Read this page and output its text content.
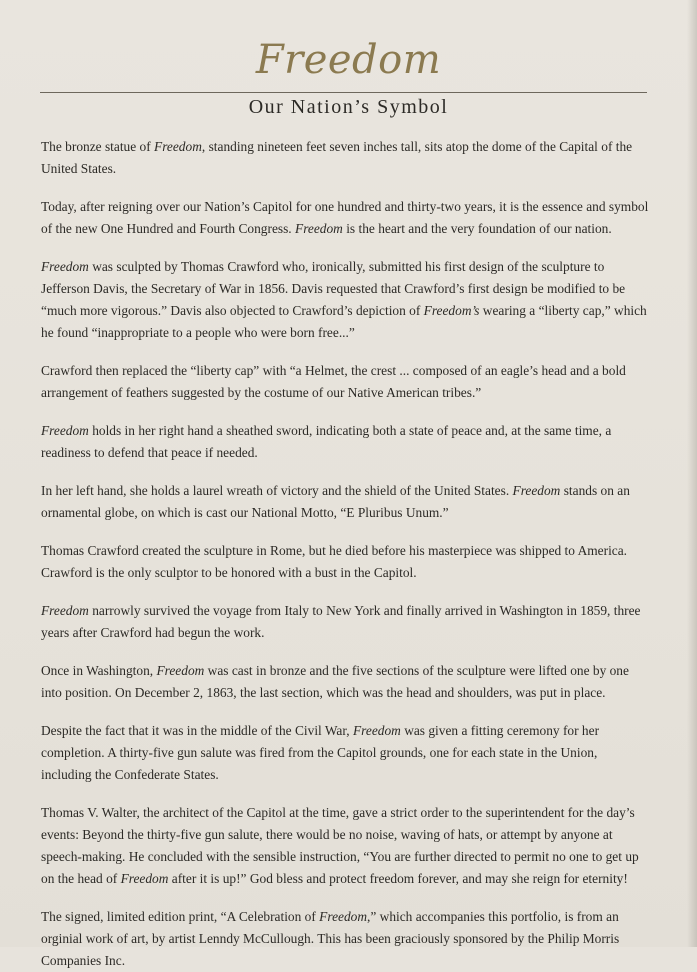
Freedom
Our Nation’s Symbol

The bronze statue of Freedom, standing nineteen feet seven inches tall, sits atop the dome of the Capital of the United States.

Today, after reigning over our Nation’s Capitol for one hundred and thirty-two years, it is the essence and symbol of the new One Hundred and Fourth Congress. Freedom is the heart and the very foundation of our nation.

Freedom was sculpted by Thomas Crawford who, ironically, submitted his first design of the sculpture to Jefferson Davis, the Secretary of War in 1856. Davis requested that Crawford’s first design be modified to be “much more vigorous.” Davis also objected to Crawford’s depiction of Freedom’s wearing a “liberty cap,” which he found “inappropriate to a people who were born free...”

Crawford then replaced the “liberty cap” with “a Helmet, the crest ... composed of an eagle’s head and a bold arrangement of feathers suggested by the costume of our Native American tribes.”

Freedom holds in her right hand a sheathed sword, indicating both a state of peace and, at the same time, a readiness to defend that peace if needed.

In her left hand, she holds a laurel wreath of victory and the shield of the United States. Freedom stands on an ornamental globe, on which is cast our National Motto, “E Pluribus Unum.”

Thomas Crawford created the sculpture in Rome, but he died before his masterpiece was shipped to America. Crawford is the only sculptor to be honored with a bust in the Capitol.

Freedom narrowly survived the voyage from Italy to New York and finally arrived in Washington in 1859, three years after Crawford had begun the work.

Once in Washington, Freedom was cast in bronze and the five sections of the sculpture were lifted one by one into position. On December 2, 1863, the last section, which was the head and shoulders, was put in place.

Despite the fact that it was in the middle of the Civil War, Freedom was given a fitting ceremony for her completion. A thirty-five gun salute was fired from the Capitol grounds, one for each state in the Union, including the Confederate States.

Thomas V. Walter, the architect of the Capitol at the time, gave a strict order to the superintendent for the day’s events: Beyond the thirty-five gun salute, there would be no noise, waving of hats, or attempt by anyone at speech-making. He concluded with the sensible instruction, “You are further directed to permit no one to get up on the head of Freedom after it is up!” God bless and protect freedom forever, and may she reign for eternity!

The signed, limited edition print, “A Celebration of Freedom,” which accompanies this portfolio, is from an orginial work of art, by artist Lenndy McCullough. This has been graciously sponsored by the Philip Morris Companies Inc.
